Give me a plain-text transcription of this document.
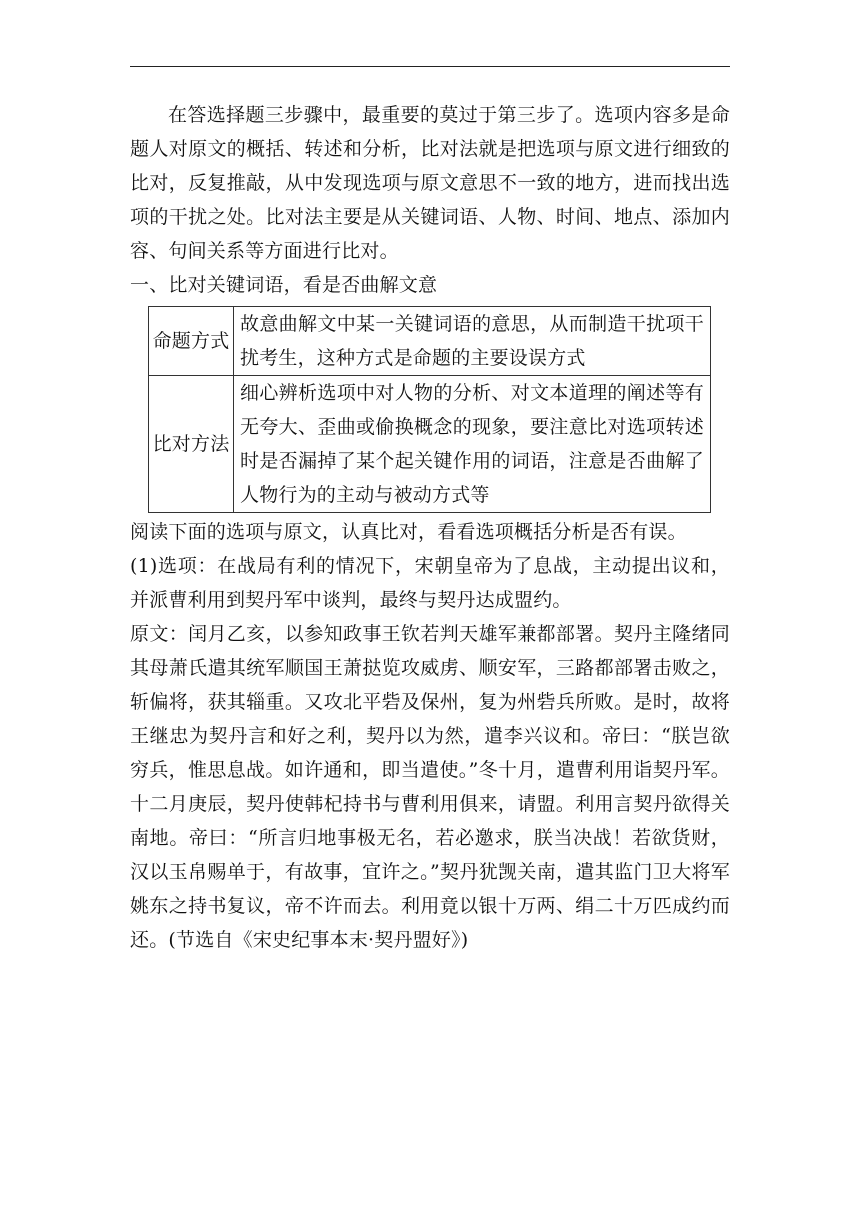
在答选择题三步骤中，最重要的莫过于第三步了。选项内容多是命题人对原文的概括、转述和分析，比对法就是把选项与原文进行细致的比对，反复推敲，从中发现选项与原文意思不一致的地方，进而找出选项的干扰之处。比对法主要是从关键词语、人物、时间、地点、添加内容、句间关系等方面进行比对。

一、比对关键词语，看是否曲解文意

命题方式	故意曲解文中某一关键词语的意思，从而制造干扰项干扰考生，这种方式是命题的主要设误方式
比对方法	细心辨析选项中对人物的分析、对文本道理的阐述等有无夸大、歪曲或偷换概念的现象，要注意比对选项转述时是否漏掉了某个起关键作用的词语，注意是否曲解了人物行为的主动与被动方式等

阅读下面的选项与原文，认真比对，看看选项概括分析是否有误。

(1)选项：在战局有利的情况下，宋朝皇帝为了息战，主动提出议和，并派曹利用到契丹军中谈判，最终与契丹达成盟约。

原文：闰月乙亥，以参知政事王钦若判天雄军兼都部署。契丹主隆绪同其母萧氏遣其统军顺国王萧挞览攻威虏、顺安军，三路都部署击败之，斩偏将，获其辎重。又攻北平砦及保州，复为州砦兵所败。是时，故将王继忠为契丹言和好之利，契丹以为然，遣李兴议和。帝曰：“朕岂欲穷兵，惟思息战。如许通和，即当遣使。”冬十月，遣曹利用诣契丹军。十二月庚辰，契丹使韩杞持书与曹利用俱来，请盟。利用言契丹欲得关南地。帝曰：“所言归地事极无名，若必邀求，朕当决战！若欲货财，汉以玉帛赐单于，有故事，宜许之。”契丹犹觊关南，遣其监门卫大将军姚东之持书复议，帝不许而去。利用竟以银十万两、绢二十万匹成约而还。(节选自《宋史纪事本末·契丹盟好》)
